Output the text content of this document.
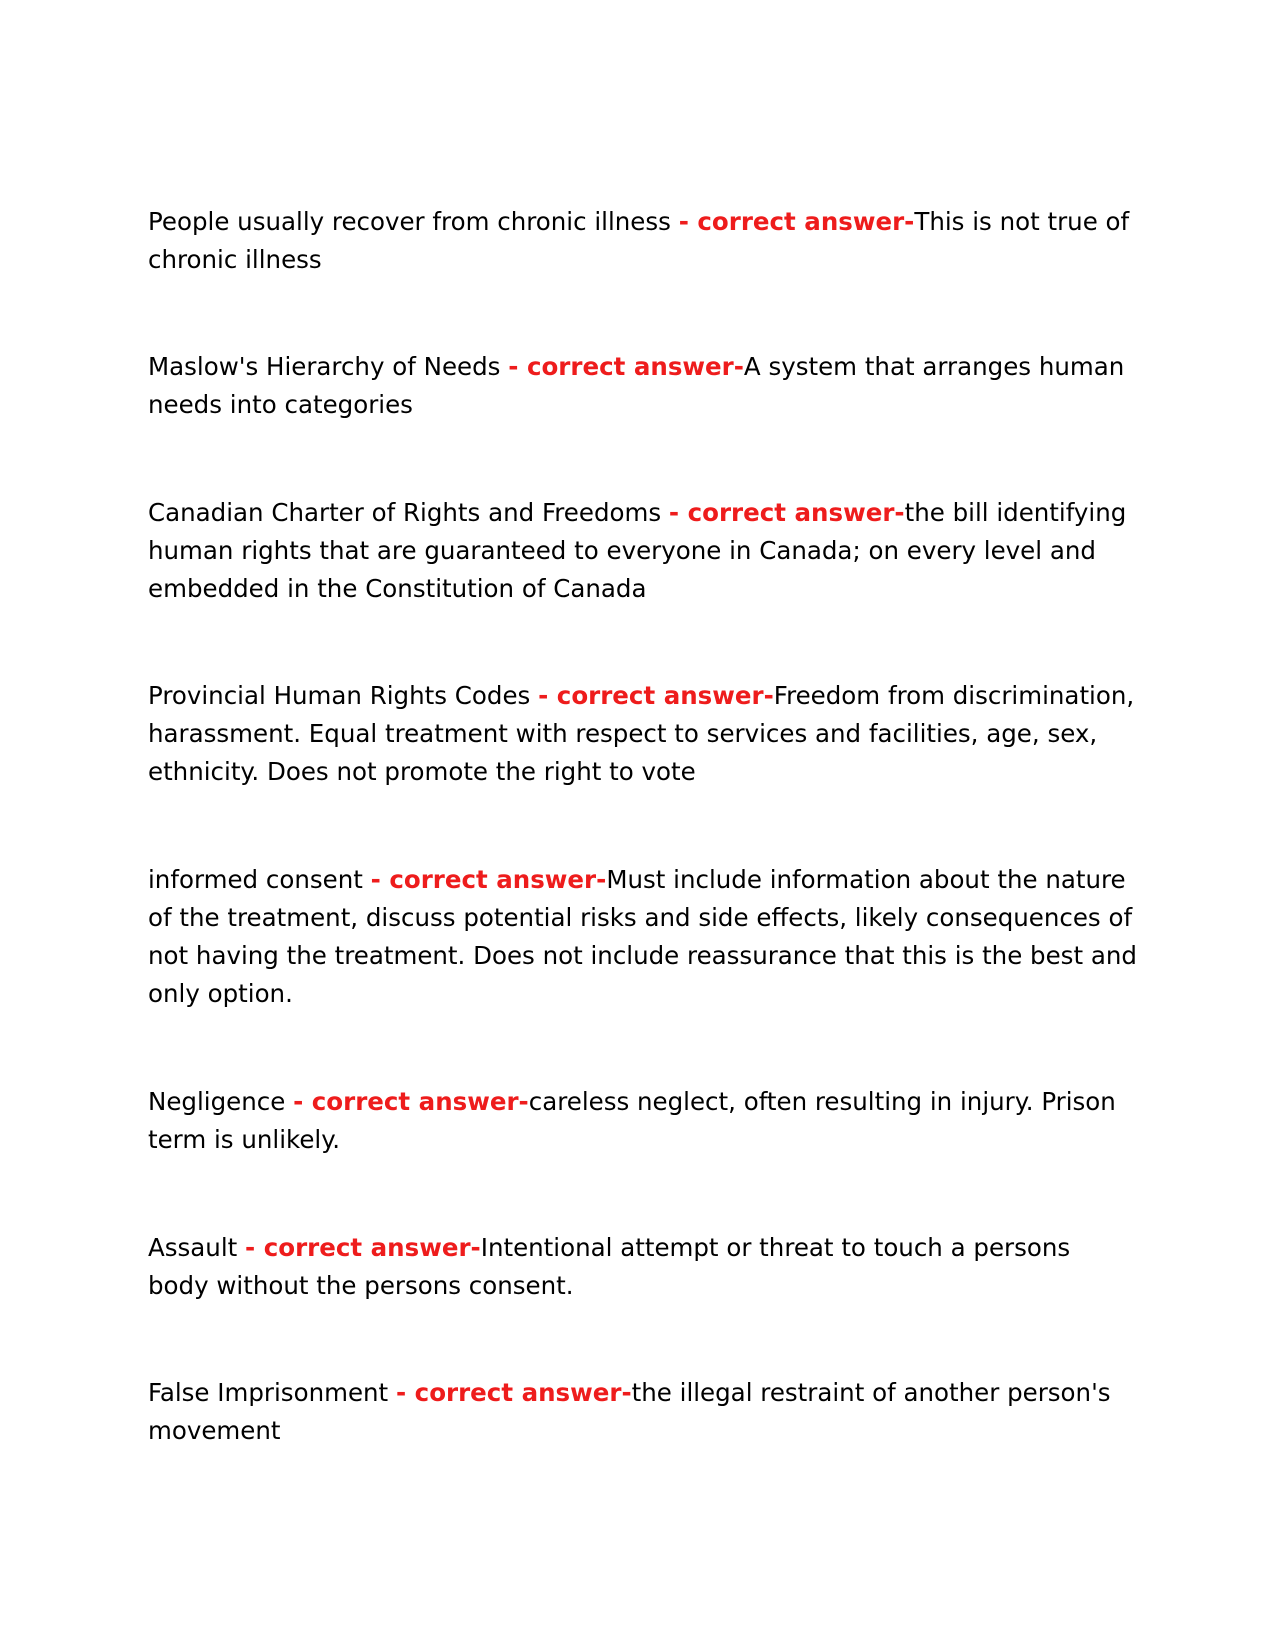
People usually recover from chronic illness - correct answer-This is not true of chronic illness

Maslow's Hierarchy of Needs - correct answer-A system that arranges human needs into categories

Canadian Charter of Rights and Freedoms - correct answer-the bill identifying human rights that are guaranteed to everyone in Canada; on every level and embedded in the Constitution of Canada

Provincial Human Rights Codes - correct answer-Freedom from discrimination, harassment. Equal treatment with respect to services and facilities, age, sex, ethnicity. Does not promote the right to vote

informed consent - correct answer-Must include information about the nature of the treatment, discuss potential risks and side effects, likely consequences of not having the treatment. Does not include reassurance that this is the best and only option.

Negligence - correct answer-careless neglect, often resulting in injury. Prison term is unlikely.

Assault - correct answer-Intentional attempt or threat to touch a persons body without the persons consent.

False Imprisonment - correct answer-the illegal restraint of another person's movement
